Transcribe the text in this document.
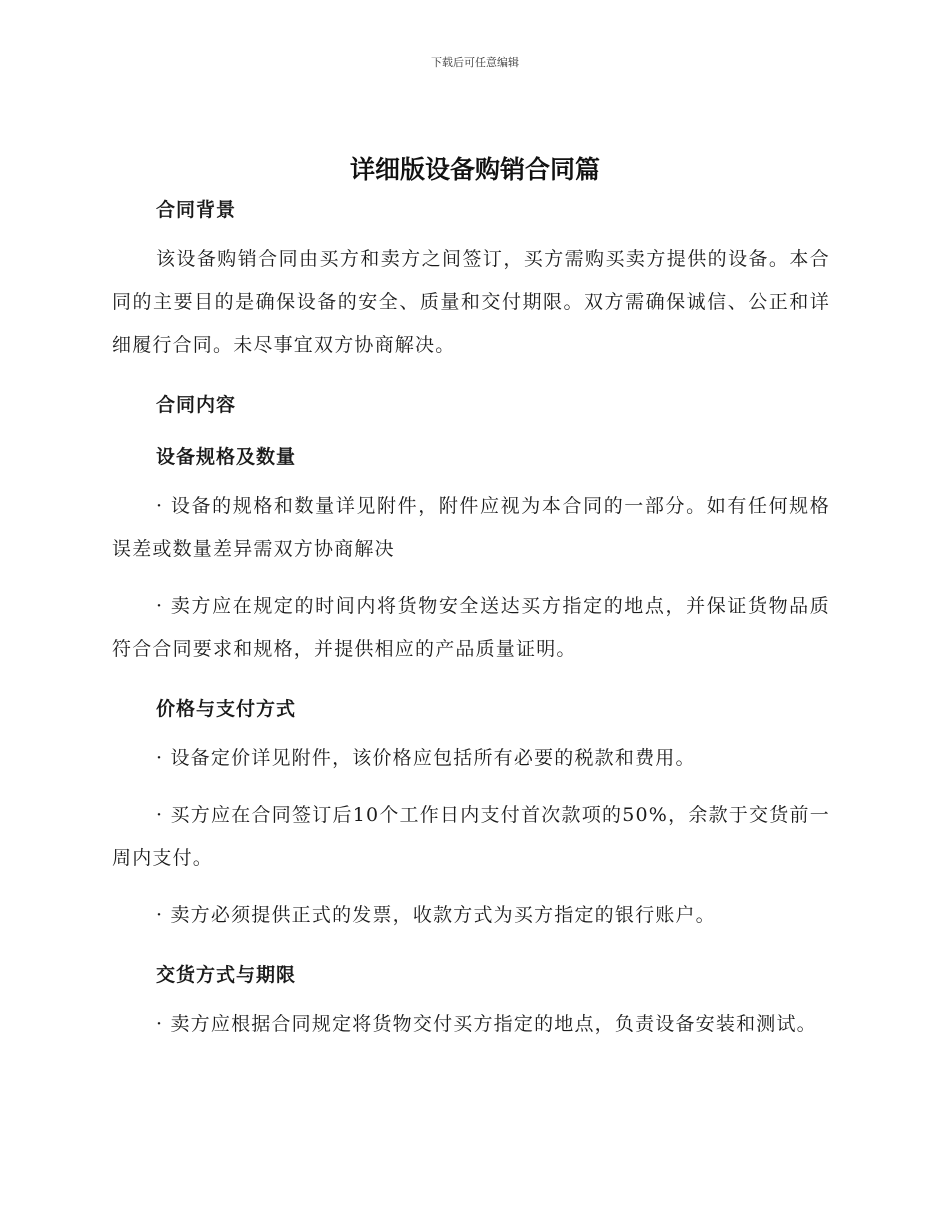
下载后可任意编辑
详细版设备购销合同篇

合同背景

该设备购销合同由买方和卖方之间签订，买方需购买卖方提供的设备。本合同的主要目的是确保设备的安全、质量和交付期限。双方需确保诚信、公正和详细履行合同。未尽事宜双方协商解决。

合同内容

设备规格及数量

· 设备的规格和数量详见附件，附件应视为本合同的一部分。如有任何规格误差或数量差异需双方协商解决

· 卖方应在规定的时间内将货物安全送达买方指定的地点，并保证货物品质符合合同要求和规格，并提供相应的产品质量证明。

价格与支付方式

· 设备定价详见附件，该价格应包括所有必要的税款和费用。

· 买方应在合同签订后10个工作日内支付首次款项的50%，余款于交货前一周内支付。

· 卖方必须提供正式的发票，收款方式为买方指定的银行账户。

交货方式与期限

· 卖方应根据合同规定将货物交付买方指定的地点，负责设备安装和测试。
